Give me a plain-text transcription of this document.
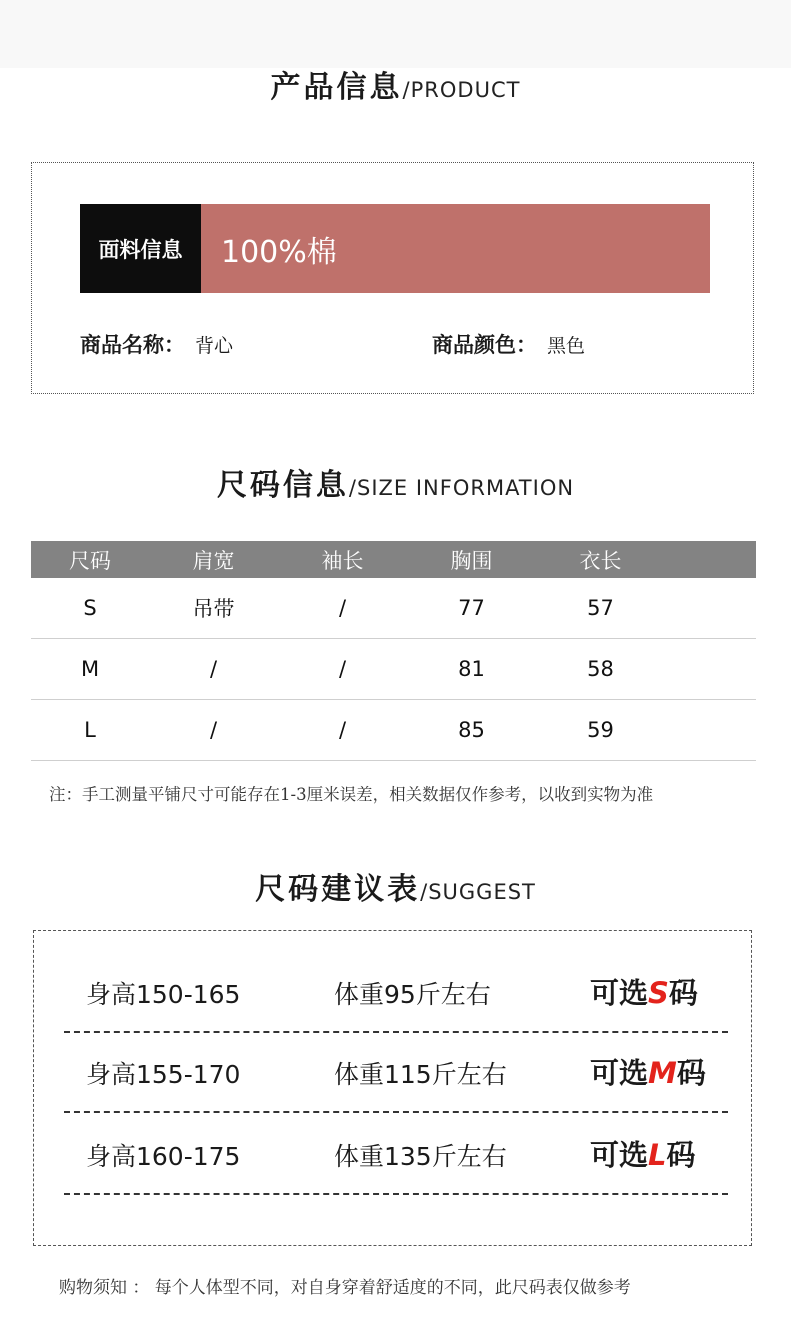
产品信息/PRODUCT
面料信息	100%棉
商品名称： 背心	商品颜色： 黑色
尺码信息/SIZE INFORMATION
尺码	肩宽	袖长	胸围	衣长	
S	吊带	/	77	57	
M	/	/	81	58	
L	/	/	85	59	
注：手工测量平铺尺寸可能存在1-3厘米误差，相关数据仅作参考，以收到实物为准
尺码建议表/SUGGEST
身高150-165	体重95斤左右	可选S码
身高155-170	体重115斤左右	可选M码
身高160-175	体重135斤左右	可选L码
购物须知 ： 每个人体型不同，对自身穿着舒适度的不同，此尺码表仅做参考
